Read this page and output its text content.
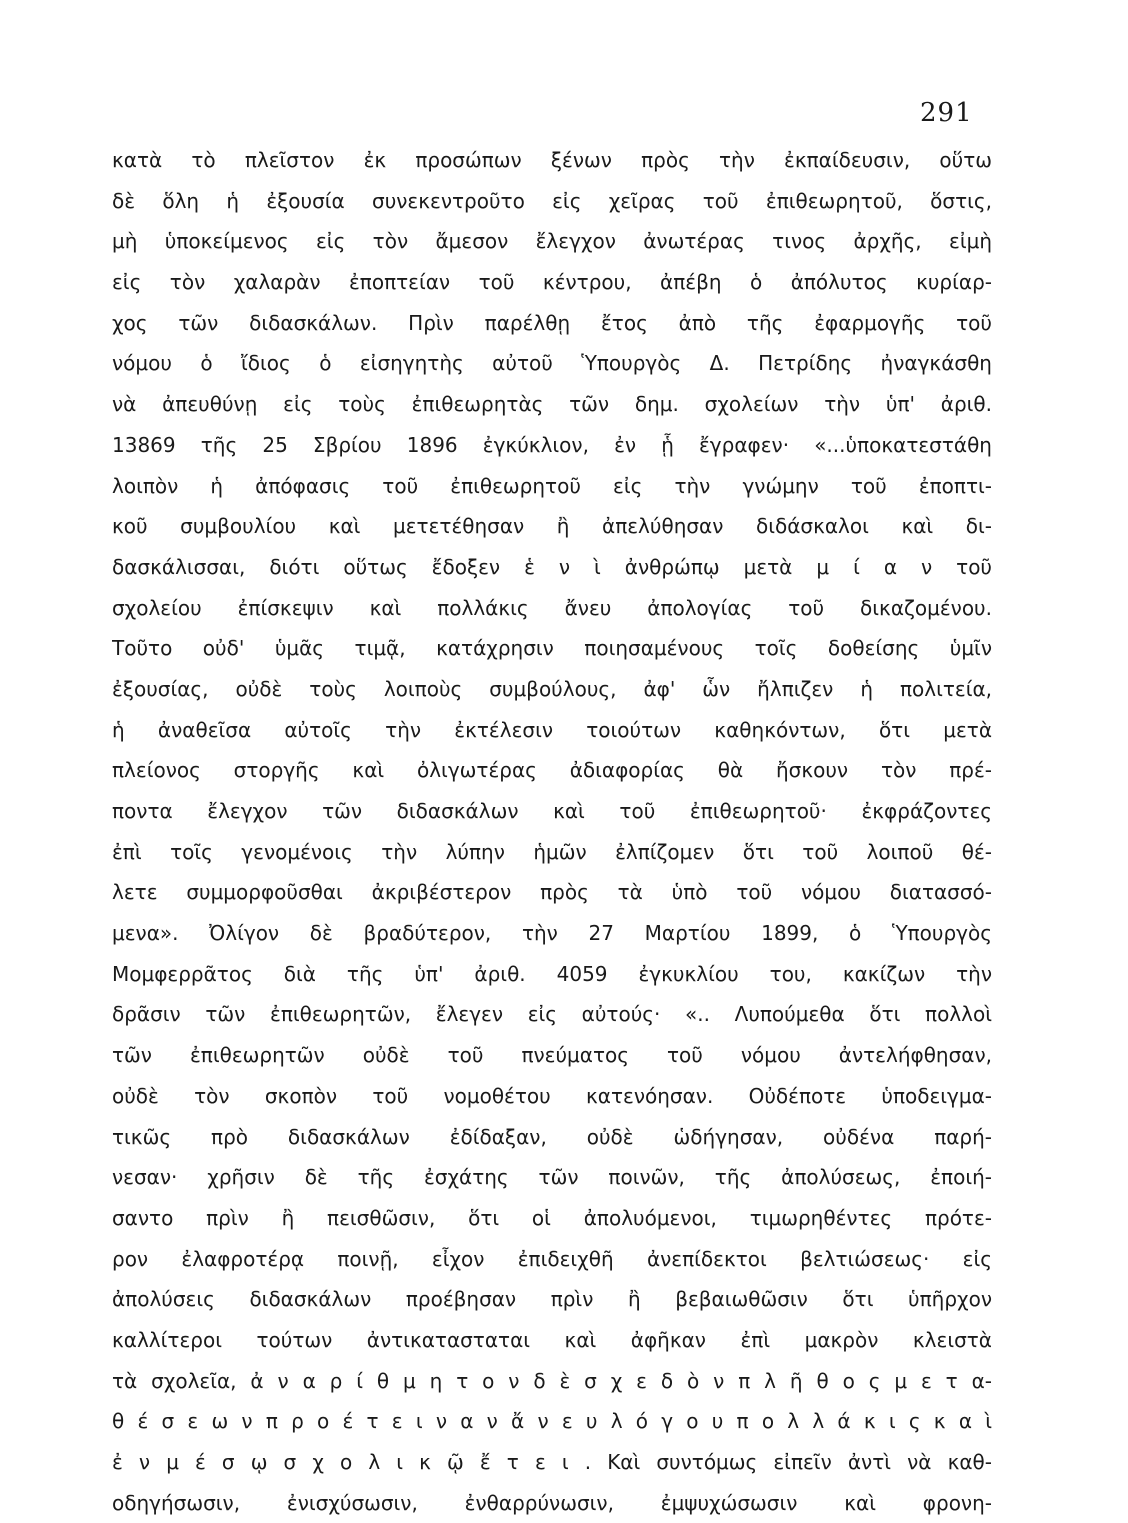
291
κατὰ τὸ πλεῖστον ἐκ προσώπων ξένων πρὸς τὴν ἐκπαίδευσιν, οὕτω
δὲ ὅλη ἡ ἐξουσία συνεκεντροῦτο εἰς χεῖρας τοῦ ἐπιθεωρητοῦ, ὅστις,
μὴ ὑποκείμενος εἰς τὸν ἄμεσον ἔλεγχον ἀνωτέρας τινος ἀρχῆς, εἰμὴ
εἰς τὸν χαλαρὰν ἐποπτείαν τοῦ κέντρου, ἀπέβη ὁ ἀπόλυτος κυρίαρ-
χος τῶν διδασκάλων. Πρὶν παρέλθῃ ἔτος ἀπὸ τῆς ἐφαρμογῆς τοῦ
νόμου ὁ ἴδιος ὁ εἰσηγητὴς αὐτοῦ Ὑπουργὸς Δ. Πετρίδης ἠναγκάσθη
νὰ ἀπευθύνῃ εἰς τοὺς ἐπιθεωρητὰς τῶν δημ. σχολείων τὴν ὑπ' ἀριθ.
13869 τῆς 25 Σβρίου 1896 ἐγκύκλιον, ἐν ᾗ ἔγραφεν· «...ὑποκατεστάθη
λοιπὸν ἡ ἀπόφασις τοῦ ἐπιθεωρητοῦ εἰς τὴν γνώμην τοῦ ἐποπτι-
κοῦ συμβουλίου καὶ μετετέθησαν ἢ ἀπελύθησαν διδάσκαλοι καὶ δι-
δασκάλισσαι, διότι οὕτως ἔδοξεν ἑ ν ὶ ἀνθρώπῳ μετὰ μ ί α ν τοῦ
σχολείου ἐπίσκεψιν καὶ πολλάκις ἄνευ ἀπολογίας τοῦ δικαζομένου.
Τοῦτο οὐδ' ὑμᾶς τιμᾷ, κατάχρησιν ποιησαμένους τοῖς δοθείσης ὑμῖν
ἐξουσίας, οὐδὲ τοὺς λοιποὺς συμβούλους, ἀφ' ὧν ἤλπιζεν ἡ πολιτεία,
ἡ ἀναθεῖσα αὐτοῖς τὴν ἐκτέλεσιν τοιούτων καθηκόντων, ὅτι μετὰ
πλείονος στοργῆς καὶ ὀλιγωτέρας ἀδιαφορίας θὰ ἤσκουν τὸν πρέ-
ποντα ἔλεγχον τῶν διδασκάλων καὶ τοῦ ἐπιθεωρητοῦ· ἐκφράζοντες
ἐπὶ τοῖς γενομένοις τὴν λύπην ἡμῶν ἐλπίζομεν ὅτι τοῦ λοιποῦ θέ-
λετε συμμορφοῦσθαι ἀκριβέστερον πρὸς τὰ ὑπὸ τοῦ νόμου διατασσό-
μενα». Ὀλίγον δὲ βραδύτερον, τὴν 27 Μαρτίου 1899, ὁ Ὑπουργὸς
Μομφερρᾶτος διὰ τῆς ὑπ' ἀριθ. 4059 ἐγκυκλίου του, κακίζων τὴν
δρᾶσιν τῶν ἐπιθεωρητῶν, ἔλεγεν εἰς αὐτούς· «.. Λυπούμεθα ὅτι πολλοὶ
τῶν ἐπιθεωρητῶν οὐδὲ τοῦ πνεύματος τοῦ νόμου ἀντελήφθησαν,
οὐδὲ τὸν σκοπὸν τοῦ νομοθέτου κατενόησαν. Οὐδέποτε ὑποδειγμα-
τικῶς πρὸ διδασκάλων ἐδίδαξαν, οὐδὲ ὡδήγησαν, οὐδένα παρή-
νεσαν· χρῆσιν δὲ τῆς ἐσχάτης τῶν ποινῶν, τῆς ἀπολύσεως, ἐποιή-
σαντο πρὶν ἢ πεισθῶσιν, ὅτι οἱ ἀπολυόμενοι, τιμωρηθέντες πρότε-
ρον ἐλαφροτέρᾳ ποινῇ, εἶχον ἐπιδειχθῆ ἀνεπίδεκτοι βελτιώσεως· εἰς
ἀπολύσεις διδασκάλων προέβησαν πρὶν ἢ βεβαιωθῶσιν ὅτι ὑπῆρχον
καλλίτεροι τούτων ἀντικατασταται καὶ ἀφῆκαν ἐπὶ μακρὸν κλειστὰ
τὰ σχολεῖα, ἀ ν α ρ ί θ μ η τ ο ν δ ὲ σ χ ε δ ὸ ν π λ ῆ θ ο ς μ ε τ α-
θ έ σ ε ω ν π ρ ο έ τ ε ι ν α ν ἄ ν ε υ λ ό γ ο υ π ο λ λ ά κ ι ς κ α ὶ
ἐ ν μ έ σ ῳ σ χ ο λ ι κ ῷ ἔ τ ε ι . Καὶ συντόμως εἰπεῖν ἀντὶ νὰ καθ-
οδηγήσωσιν, ἐνισχύσωσιν, ἐνθαρρύνωσιν, ἐμψυχώσωσιν καὶ φρονη-
